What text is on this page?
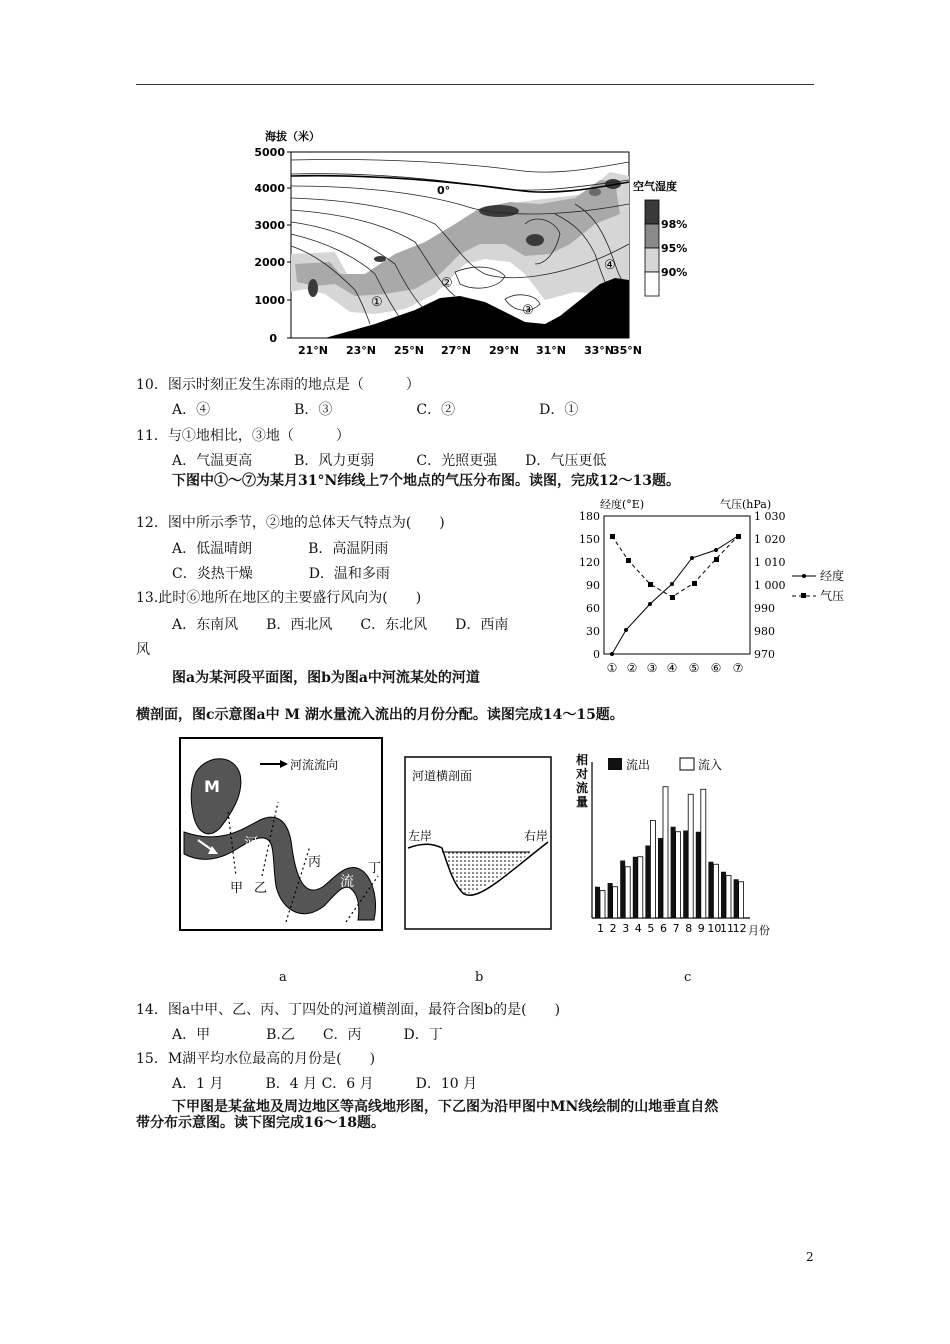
5000
4000
3000
2000
1000
0
海拔（米）
21°N 23°N 25°N 27°N 29°N 31°N 33°N
35°N
0°
①
②
③
④
空气湿度
98%
95%
90%
10．图示时刻正发生冻雨的地点是（　　　）
A．④　　　　　　B．③　　　　　　C．②　　　　　　D．①
11．与①地相比，③地（　　　）
A．气温更高　　　B．风力更弱　　　C．光照更强　　D．气压更低
下图中①～⑦为某月31°N纬线上7个地点的气压分布图。读图，完成12～13题。
12．图中所示季节，②地的总体天气特点为(　　)
A．低温晴朗　　　　B．高温阴雨
C．炎热干燥　　　　D．温和多雨
13.此时⑥地所在地区的主要盛行风向为(　　)
A．东南风　　B．西北风　　C．东北风　　D．西南
风
图a为某河段平面图，图b为图a中河流某处的河道
横剖面，图c示意图a中 M 湖水量流入流出的月份分配。读图完成14～15题。
180
150
120
90
60
30
0
1 030
1 020
1 010
1 000
990
980
970
经度(°E)	气压(hPa)
① ② ③ ④ ⑤ ⑥ ⑦
经度
气压
M
河流流向
河
流
甲 乙
丙	丁
河道横剖面
左岸	右岸
相
对
流
量
流出	流入
1 2 3 4 5 6 7 8 9 10
11
12 月份
a	b	c
14．图a中甲、乙、丙、丁四处的河道横剖面，最符合图b的是(　　)
A．甲　　　　B.乙　　C．丙　　　D．丁
15．M湖平均水位最高的月份是(　　)
A．1 月　　　B．4 月 C．6 月　　　D．10 月
下甲图是某盆地及周边地区等高线地形图，下乙图为沿甲图中MN线绘制的山地垂直自然
带分布示意图。读下图完成16～18题。
2
